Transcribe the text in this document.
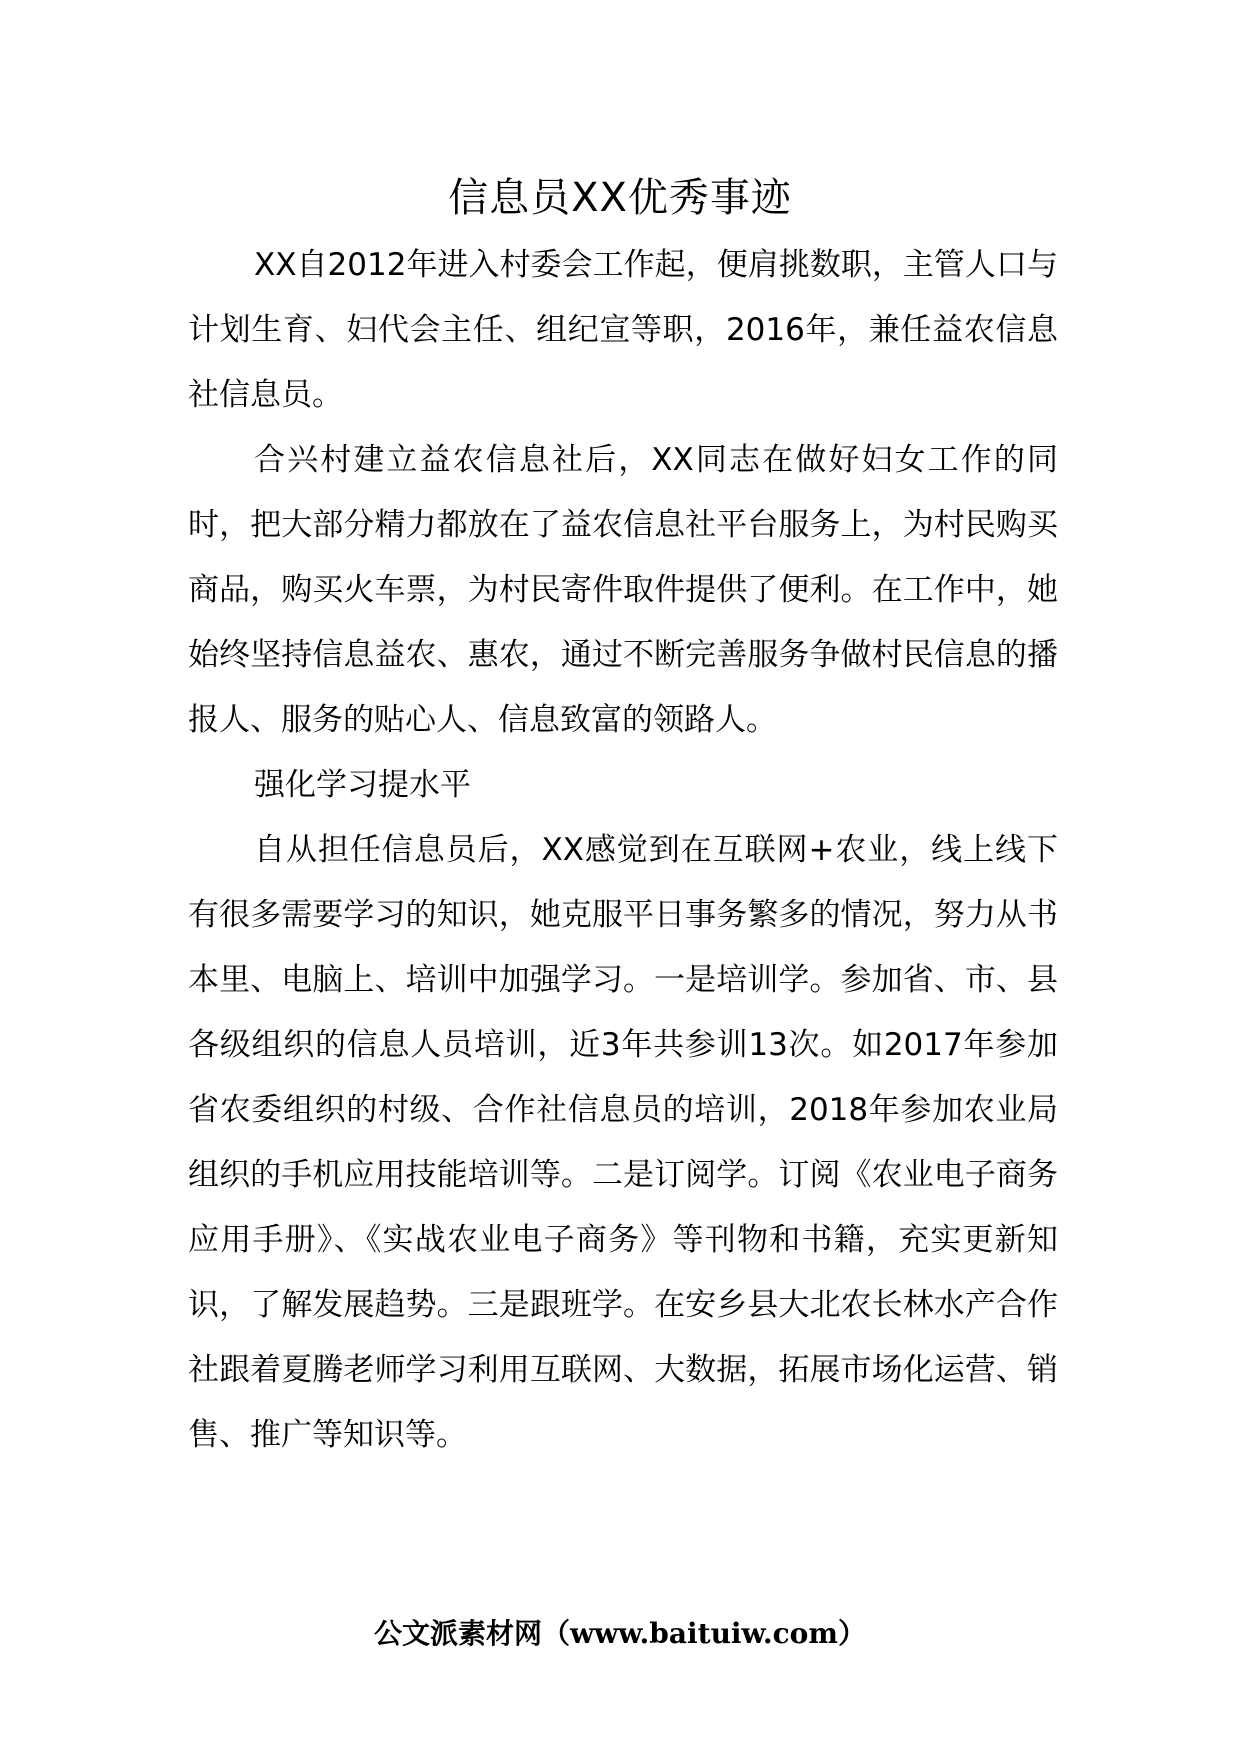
信息员XX优秀事迹

XX自2012年进入村委会工作起，便肩挑数职，主管人口与计划生育、妇代会主任、组纪宣等职，2016年，兼任益农信息社信息员。

合兴村建立益农信息社后，XX同志在做好妇女工作的同时，把大部分精力都放在了益农信息社平台服务上，为村民购买商品，购买火车票，为村民寄件取件提供了便利。在工作中，她始终坚持信息益农、惠农，通过不断完善服务争做村民信息的播报人、服务的贴心人、信息致富的领路人。

强化学习提水平

自从担任信息员后，XX感觉到在互联网+农业，线上线下有很多需要学习的知识，她克服平日事务繁多的情况，努力从书本里、电脑上、培训中加强学习。一是培训学。参加省、市、县各级组织的信息人员培训，近3年共参训13次。如2017年参加省农委组织的村级、合作社信息员的培训，2018年参加农业局组织的手机应用技能培训等。二是订阅学。订阅《农业电子商务应用手册》、《实战农业电子商务》等刊物和书籍，充实更新知识，了解发展趋势。三是跟班学。在安乡县大北农长林水产合作社跟着夏腾老师学习利用互联网、大数据，拓展市场化运营、销售、推广等知识等。

公文派素材网（www.baituiw.com）
